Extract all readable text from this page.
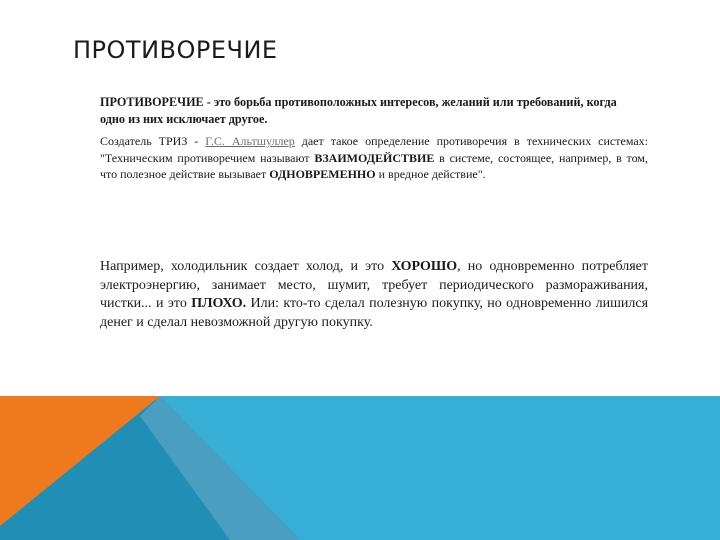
ПРОТИВОРЕЧИЕ
ПРОТИВОРЕЧИЕ - это борьба противоположных интересов, желаний или требований, когда одно из них исключает другое.
Создатель ТРИЗ - Г.С. Альтшуллер дает такое определение противоречия в технических системах: "Техническим противоречием называют ВЗАИМОДЕЙСТВИЕ в системе, состоящее, например, в том, что полезное действие вызывает ОДНОВРЕМЕННО и вредное действие".
Например, холодильник создает холод, и это ХОРОШО, но одновременно потребляет электроэнергию, занимает место, шумит, требует периодического размораживания, чистки... и это ПЛОХО. Или: кто-то сделал полезную покупку, но одновременно лишился денег и сделал невозможной другую покупку.
